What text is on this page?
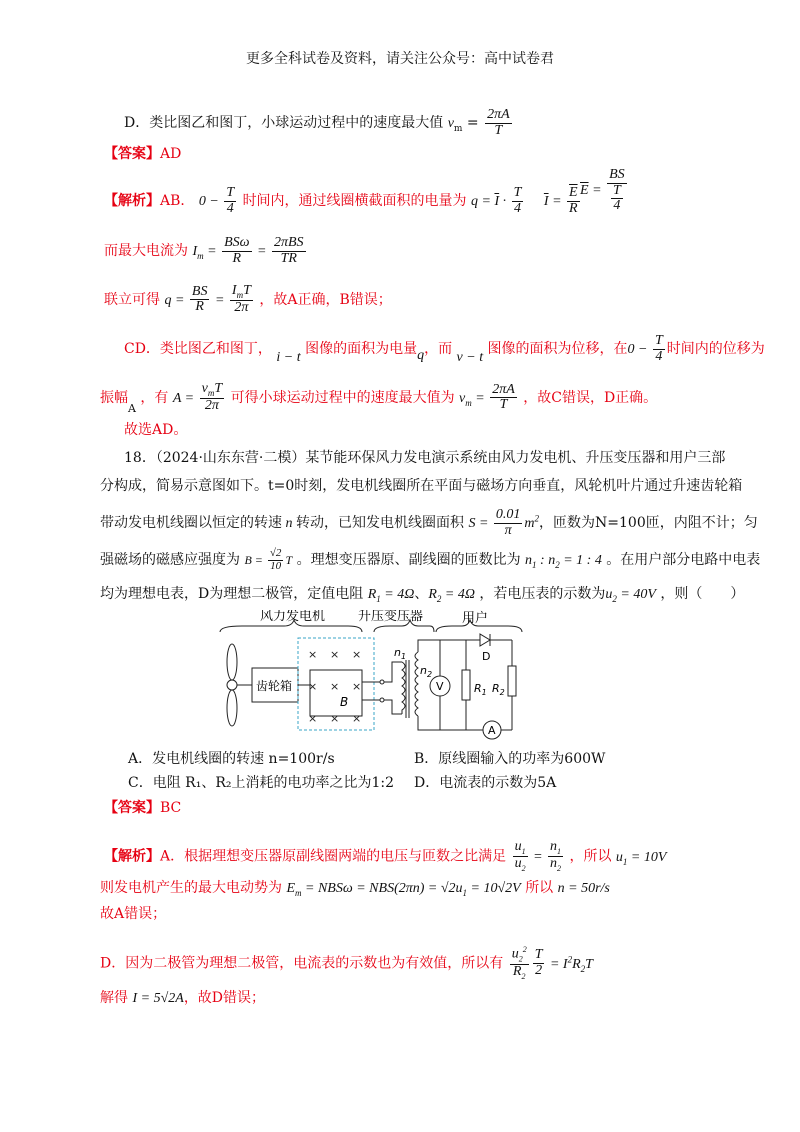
更多全科试卷及资料，请关注公众号：高中试卷君
D．类比图乙和图丁，小球运动过程中的速度最大值 $v_m = \frac{2\pi A}{T}$
【答案】AD
【解析】AB． $0 - \frac{T}{4}$ 时间内，通过线圈横截面积的电量为 $q = \overline{I} \cdot \frac{T}{4} \overline{I} = \frac{\overline{E}}{R} \overline{E} = \frac{BS}{\frac{T}{4}}$
而最大电流为 $I_m = \frac{\text{BSω}}{R} = \frac{\text{2πBS}}{TR}$
联立可得 $q = \frac{BS}{R} = \frac{I_mT}{2\pi}$ ，故A正确，B错误；
CD．类比图乙和图丁， i − t 图像的面积为电量q，而 v − t 图像的面积为位移，在$0 - \frac{T}{4}$ 时间内的位移为
振幅$_A$ ，有 $A = \frac{v_mT}{2\pi}$ 可得小球运动过程中的速度最大值为 $v_m = \frac{2\pi A}{T}$ ，故C错误，D正确。
故选AD。
18．（2024·山东东营·二模）某节能环保风力发电演示系统由风力发电机、升压变压器和用户三部
分构成，简易示意图如下。t=0时刻，发电机线圈所在平面与磁场方向垂直，风轮机叶片通过升速齿轮箱
带动发电机线圈以恒定的转速 n 转动，已知发电机线圈面积 $S = \frac{0.01}{\pi} m^2$，匝数为N=100匝，内阻不计；匀
强磁场的磁感应强度为 $B = \frac{√2}{10}$ T 。理想变压器原、副线圈的匝数比为 $n_1$ : $n_2 = 1$ : 4 。在用户部分电路中电表
均为理想电表，D为理想二极管，定值电阻 $R_1 = 4\Omega$、$R_2 = 4\Omega$ ，若电压表的示数为$u_2 = 40V$ ，则（　　）
风力发电机	升压变压器	用户
齿轮箱
× × ×
× × ×
× × ×
B
$n_1$
$n_2$
V	$R_1$
D
$R_2$
A
A．发电机线圈的转速 n=100r/s	B．原线圈输入的功率为600W
C．电阻 R₁、R₂上消耗的电功率之比为1:2 D．电流表的示数为5A
【答案】BC
【解析】A．根据理想变压器原副线圈两端的电压与匝数之比满足 $\frac{u_1}{u_2} = \frac{n_1}{n_2}$ ，所以 $u_1 = 10V$
则发电机产生的最大电动势为 $E_m = NBS\omega = NBS(2\pi n) = √2u_1 = 10√2V$ 所以 n = 50r/s
故A错误；
D．因为二极管为理想二极管，电流表的示数也为有效值，所以有 $\frac{u_2^2}{R_2} \frac{T}{2} = I^2R_2T$
解得 I = 5√2A，故D错误；
